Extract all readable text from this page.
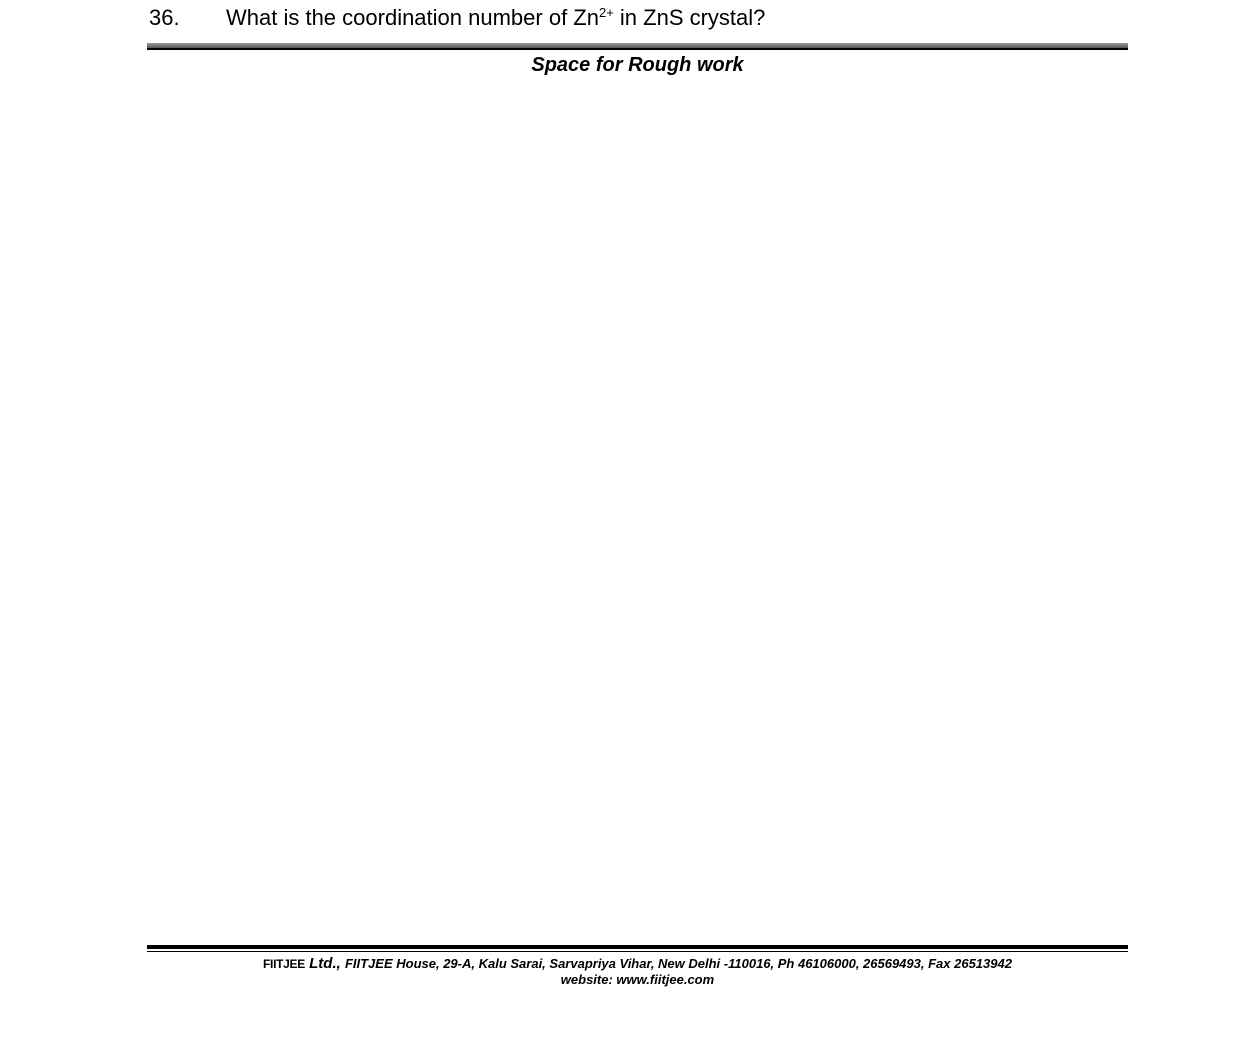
36. What is the coordination number of $Zn^{2+}$ in ZnS crystal?
Space for Rough work
FIITJEE Ltd., FIITJEE House, 29-A, Kalu Sarai, Sarvapriya Vihar, New Delhi -110016, Ph 46106000, 26569493, Fax 26513942
website: www.fiitjee.com
